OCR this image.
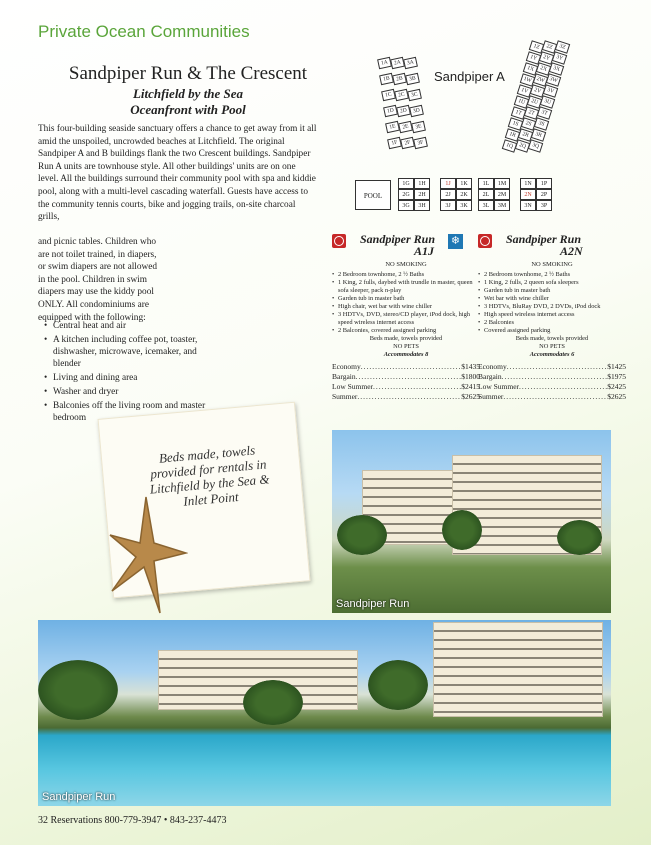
Private Ocean Communities
Sandpiper Run & The Crescent
Litchfield by the Sea
Oceanfront with Pool

This four-building seaside sanctuary offers a chance to get away from it all amid the unspoiled, uncrowded beaches at Litchfield. The original Sandpiper A and B buildings flank the two Crescent buildings. Sandpiper Run A units are townhouse style. All other buildings' units are on one level. All the buildings surround their community pool with spa and kiddie pool, along with a multi-level cascading waterfall. Guests have access to the community tennis courts, bike and jogging trails, on-site charcoal grills,

and picnic tables. Children who are not toilet trained, in diapers, or swim diapers are not allowed in the pool. Children in swim diapers may use the kiddy pool ONLY. All condominiums are equipped with the following:

• Central heat and air
• A kitchen including coffee pot, toaster, dishwasher, microwave, icemaker, and blender
• Living and dining area
• Washer and dryer
• Balconies off the living room and master bedroom
Beds made, towels provided for rentals in Litchfield by the Sea & Inlet Point
Sandpiper A
1A 2A 3A
1B 2B 3B
1C 2C 3C
1D 2D 3D
1E	2E	3E
1F	2F	3F
1Z 2Z 3Z
1Y 2Y 3Y
1X 2X 3X
1W 2W 3W
1V 2V 3V
1U 2U 3U
1T 2T 3T
1S	2S	3S
1R 2R 3R
1Q 2Q 3Q
POOL
1G	1H
2G	2H
3G	3H
1J	1K
2J	2K
3J	3K
1L	1M
2L	2M
3L	3M
1N	1P
2N	2P
3N	3P
Sandpiper Run
A1J
NO SMOKING
• 2 Bedroom townhome, 2 ½ Baths
• 1 King, 2 fulls, daybed with trundle in master, queen sofa sleeper, pack n-play
• Garden tub in master bath
• High chair, wet bar with wine chiller
• 3 HDTVs, DVD, stereo/CD player, iPod dock, high speed wireless internet access
• 2 Balconies, covered assigned parking
Beds made, towels provided
NO PETS
Accommodates 8
Economy .....	$1435
Bargain .....	$1800
Low Summer .....	$2415
Summer .....	$2625
❄	Sandpiper Run
A2N
NO SMOKING
• 2 Bedroom townhome, 2 ½ Baths
• 1 King, 2 fulls, 2 queen sofa sleepers
• Garden tub in master bath
• Wet bar with wine chiller
• 3 HDTVs, BluRay DVD, 2 DVDs, iPod dock
• High speed wireless internet access
• 2 Balconies
• Covered assigned parking
Beds made, towels provided
NO PETS
Accommodates 6
Economy .....	$1425
Bargain .....	$1975
Low Summer .....	$2425
Summer .....	$2625
Sandpiper Run
Sandpiper Run
32 Reservations 800-779-3947 • 843-237-4473
